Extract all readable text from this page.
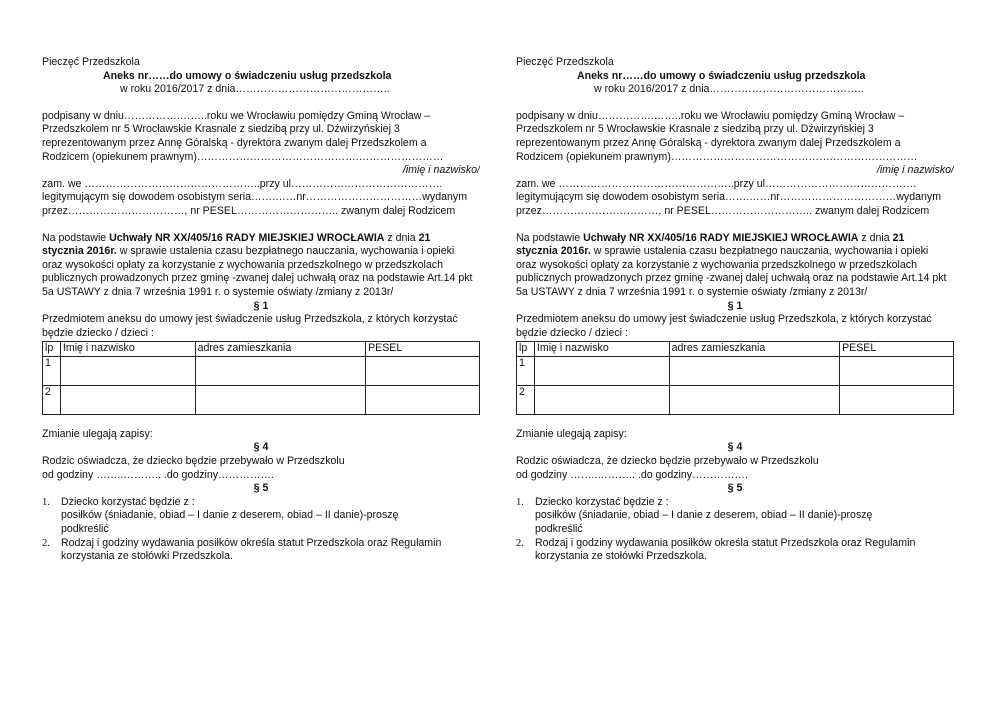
Pieczęć Przedszkola
Aneks nr……do umowy o świadczeniu usług przedszkola
w roku 2016/2017 z dnia……………………………………..
podpisany w dniu…………….……..roku we Wrocławiu pomiędzy Gminą Wrocław –
Przedszkolem nr 5 Wrocławskie Krasnale z siedzibą przy ul. Dźwirzyńskiej 3
reprezentowanym przez Annę Góralską - dyrektora zwanym dalej Przedszkolem a
Rodzicem (opiekunem prawnym)……………………………………….……………………
/imię i nazwisko/
zam. we …………………………………………..przy ul…………………………………….
legitymującym się dowodem osobistym seria…….……nr……………………………wydanym
przez……………………………, nr PESEL……………………….. zwanym dalej Rodzicem
Na podstawie Uchwały NR XX/405/16 RADY MIEJSKIEJ WROCŁAWIA z dnia 21
stycznia 2016r. w sprawie ustalenia czasu bezpłatnego nauczania, wychowania i opieki
oraz wysokości opłaty za korzystanie z wychowania przedszkolnego w przedszkolach
publicznych prowadzonych przez gminę -zwanej dalej uchwałą oraz na podstawie Art.14 pkt
5a USTAWY z dnia 7 września 1991 r. o systemie oświaty /zmiany z 2013r/
§ 1
Przedmiotem aneksu do umowy jest świadczenie usług Przedszkola, z których korzystać
będzie dziecko / dzieci :
lp	Imię i nazwisko	adres zamieszkania	PESEL
1			
2			
Zmianie ulegają zapisy:
§ 4
Rodzic oświadcza, że dziecko będzie przebywało w Przedszkolu
od godziny ……..……….. .do godziny…………….
§ 5
1. Dziecko korzystać będzie z :
posiłków (śniadanie, obiad – I danie z deserem, obiad – II danie)-proszę
podkreślić
2. Rodzaj i godziny wydawania posiłków określa statut Przedszkola oraz Regulamin
korzystania ze stołówki Przedszkola.
Pieczęć Przedszkola
Aneks nr……do umowy o świadczeniu usług przedszkola
w roku 2016/2017 z dnia……………………………………..
podpisany w dniu…………….……..roku we Wrocławiu pomiędzy Gminą Wrocław –
Przedszkolem nr 5 Wrocławskie Krasnale z siedzibą przy ul. Dźwirzyńskiej 3
reprezentowanym przez Annę Góralską - dyrektora zwanym dalej Przedszkolem a
Rodzicem (opiekunem prawnym)……………………………………….……………………
/imię i nazwisko/
zam. we …………………………………………..przy ul…………………………………….
legitymującym się dowodem osobistym seria…….……nr……………………………wydanym
przez……………………………, nr PESEL……………………….. zwanym dalej Rodzicem
Na podstawie Uchwały NR XX/405/16 RADY MIEJSKIEJ WROCŁAWIA z dnia 21
stycznia 2016r. w sprawie ustalenia czasu bezpłatnego nauczania, wychowania i opieki
oraz wysokości opłaty za korzystanie z wychowania przedszkolnego w przedszkolach
publicznych prowadzonych przez gminę -zwanej dalej uchwałą oraz na podstawie Art.14 pkt
5a USTAWY z dnia 7 września 1991 r. o systemie oświaty /zmiany z 2013r/
§ 1
Przedmiotem aneksu do umowy jest świadczenie usług Przedszkola, z których korzystać
będzie dziecko / dzieci :
lp	Imię i nazwisko	adres zamieszkania	PESEL
1			
2			
Zmianie ulegają zapisy:
§ 4
Rodzic oświadcza, że dziecko będzie przebywało w Przedszkolu
od godziny ……..……….. .do godziny…………….
§ 5
1. Dziecko korzystać będzie z :
posiłków (śniadanie, obiad – I danie z deserem, obiad – II danie)-proszę
podkreślić
2. Rodzaj i godziny wydawania posiłków określa statut Przedszkola oraz Regulamin
korzystania ze stołówki Przedszkola.
